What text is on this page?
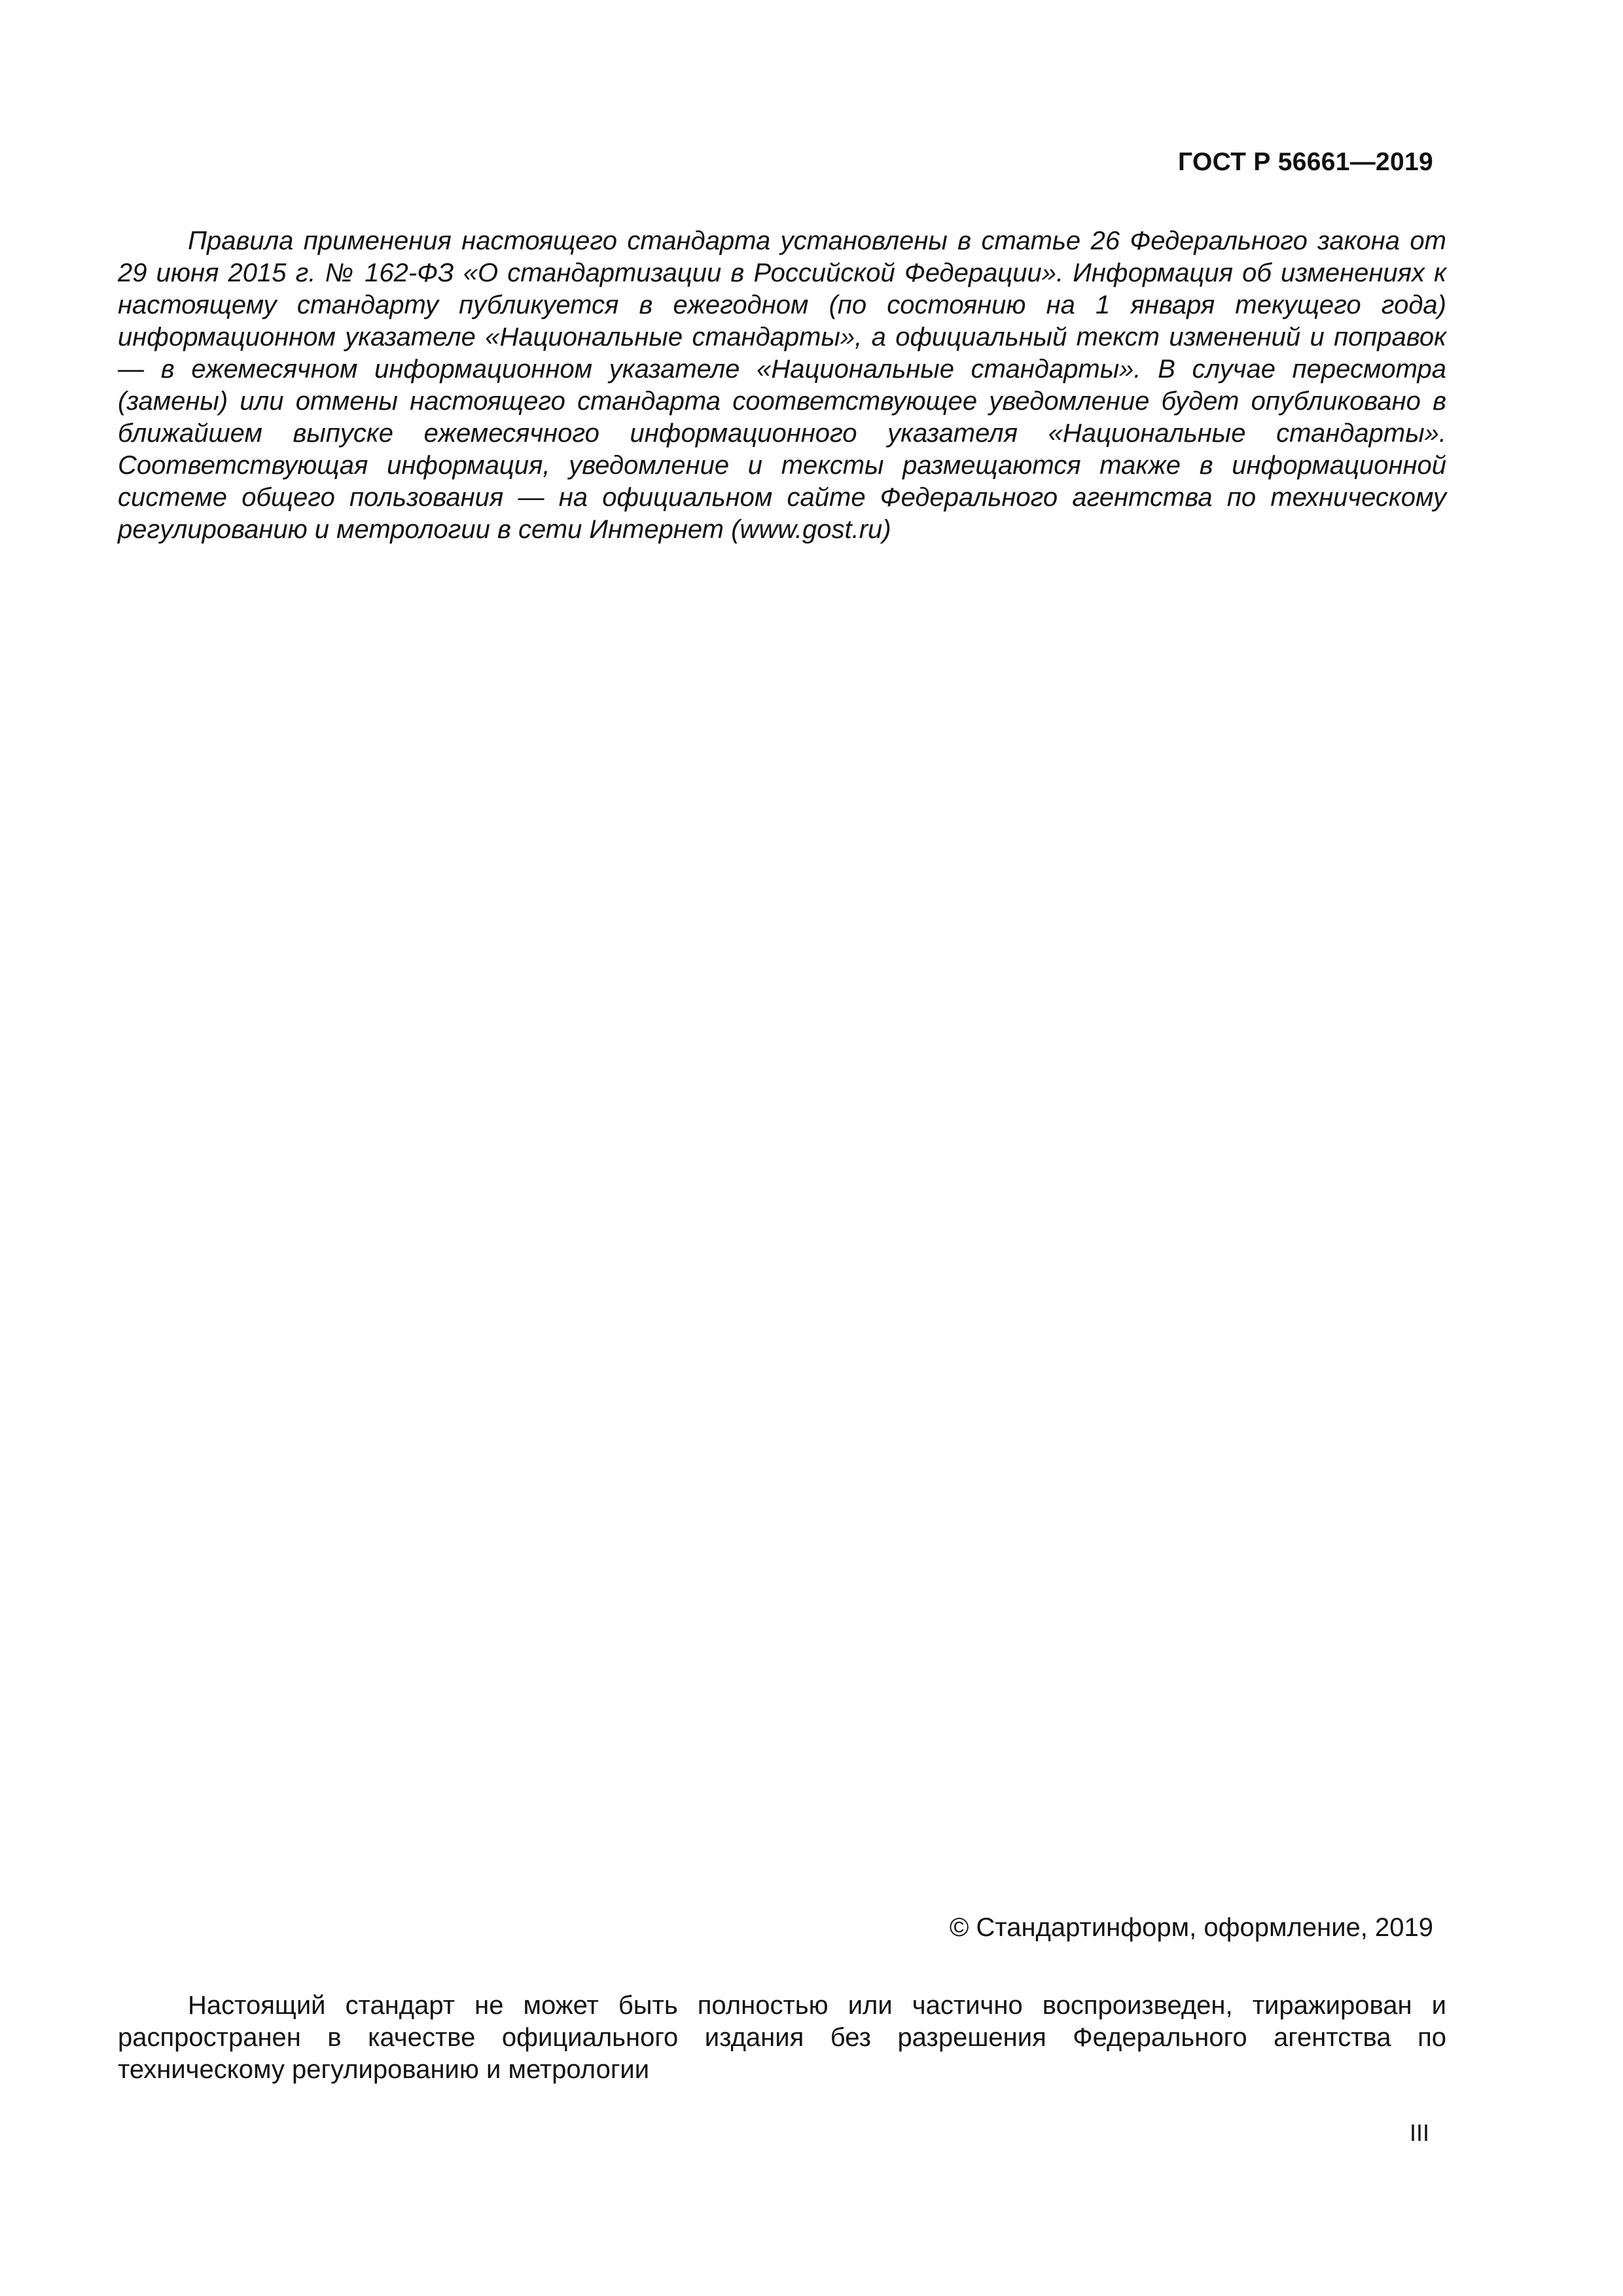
ГОСТ Р 56661—2019

Правила применения настоящего стандарта установлены в статье 26 Федерального закона от 29 июня 2015 г. № 162-ФЗ «О стандартизации в Российской Федерации». Информация об изменениях к настоящему стандарту публикуется в ежегодном (по состоянию на 1 января текущего года) информационном указателе «Национальные стандарты», а официальный текст изменений и поправок — в ежемесячном информационном указателе «Национальные стандарты». В случае пересмотра (замены) или отмены настоящего стандарта соответствующее уведомление будет опубликовано в ближайшем выпуске ежемесячного информационного указателя «Национальные стандарты». Соответствующая информация, уведомление и тексты размещаются также в информационной системе общего пользования — на официальном сайте Федерального агентства по техническому регулированию и метрологии в сети Интернет (www.gost.ru)

© Стандартинформ, оформление, 2019

Настоящий стандарт не может быть полностью или частично воспроизведен, тиражирован и распространен в качестве официального издания без разрешения Федерального агентства по техническому регулированию и метрологии

III
